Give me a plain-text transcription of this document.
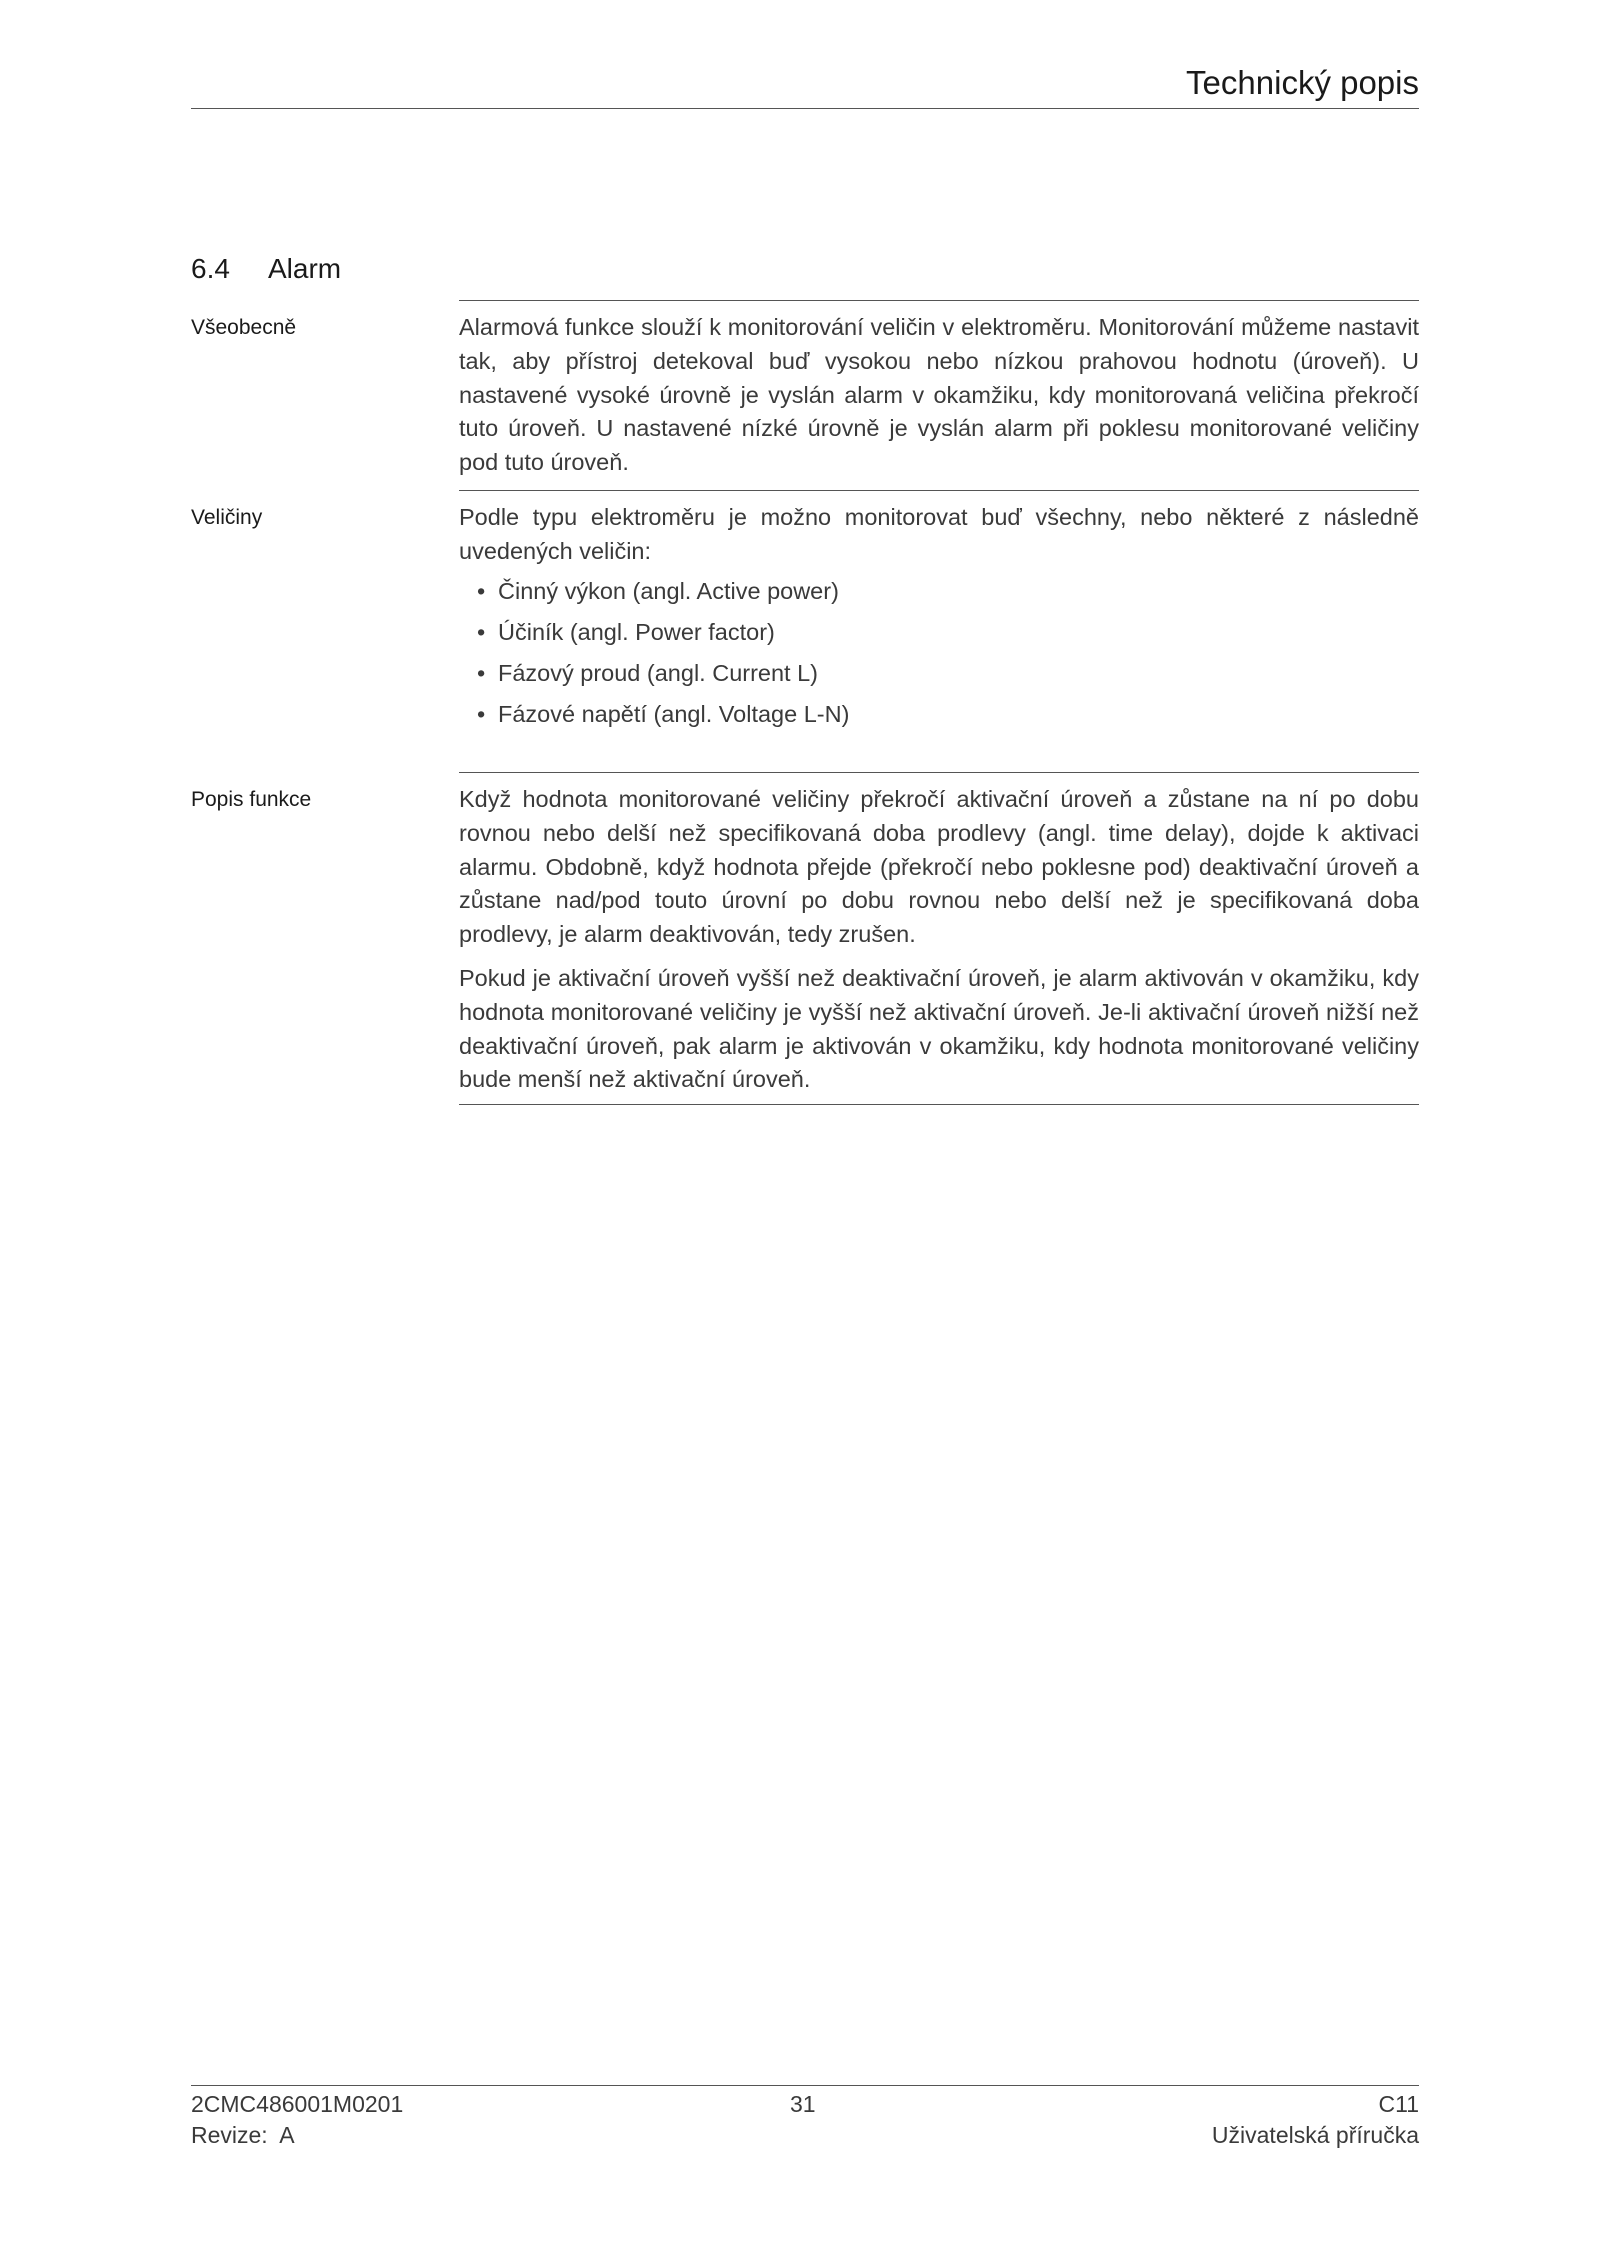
Technický popis
6.4 Alarm
Všeobecně	Alarmová funkce slouží k monitorování veličin v elektroměru. Monitorování můžeme nastavit tak, aby přístroj detekoval buď vysokou nebo nízkou prahovou hodnotu (úroveň). U nastavené vysoké úrovně je vyslán alarm v okamžiku, kdy monitorovaná veličina překročí tuto úroveň. U nastavené nízké úrovně je vyslán alarm při poklesu monitorované veličiny pod tuto úroveň.

Veličiny	Podle typu elektroměru je možno monitorovat buď všechny, nebo některé z následně uvedených veličin:

• Činný výkon (angl. Active power)
• Účiník (angl. Power factor)
• Fázový proud (angl. Current L)
• Fázové napětí (angl. Voltage L-N)
Popis funkce	Když hodnota monitorované veličiny překročí aktivační úroveň a zůstane na ní po dobu rovnou nebo delší než specifikovaná doba prodlevy (angl. time delay), dojde k aktivaci alarmu. Obdobně, když hodnota přejde (překročí nebo poklesne pod) deaktivační úroveň a zůstane nad/pod touto úrovní po dobu rovnou nebo delší než je specifikovaná doba prodlevy, je alarm deaktivován, tedy zrušen.

Pokud je aktivační úroveň vyšší než deaktivační úroveň, je alarm aktivován v okamžiku, kdy hodnota monitorované veličiny je vyšší než aktivační úroveň. Je-li aktivační úroveň nižší než deaktivační úroveň, pak alarm je aktivován v okamžiku, kdy hodnota monitorované veličiny bude menší než aktivační úroveň.

2CMC486001M0201
Revize:  A
31	C11
Uživatelská příručka
